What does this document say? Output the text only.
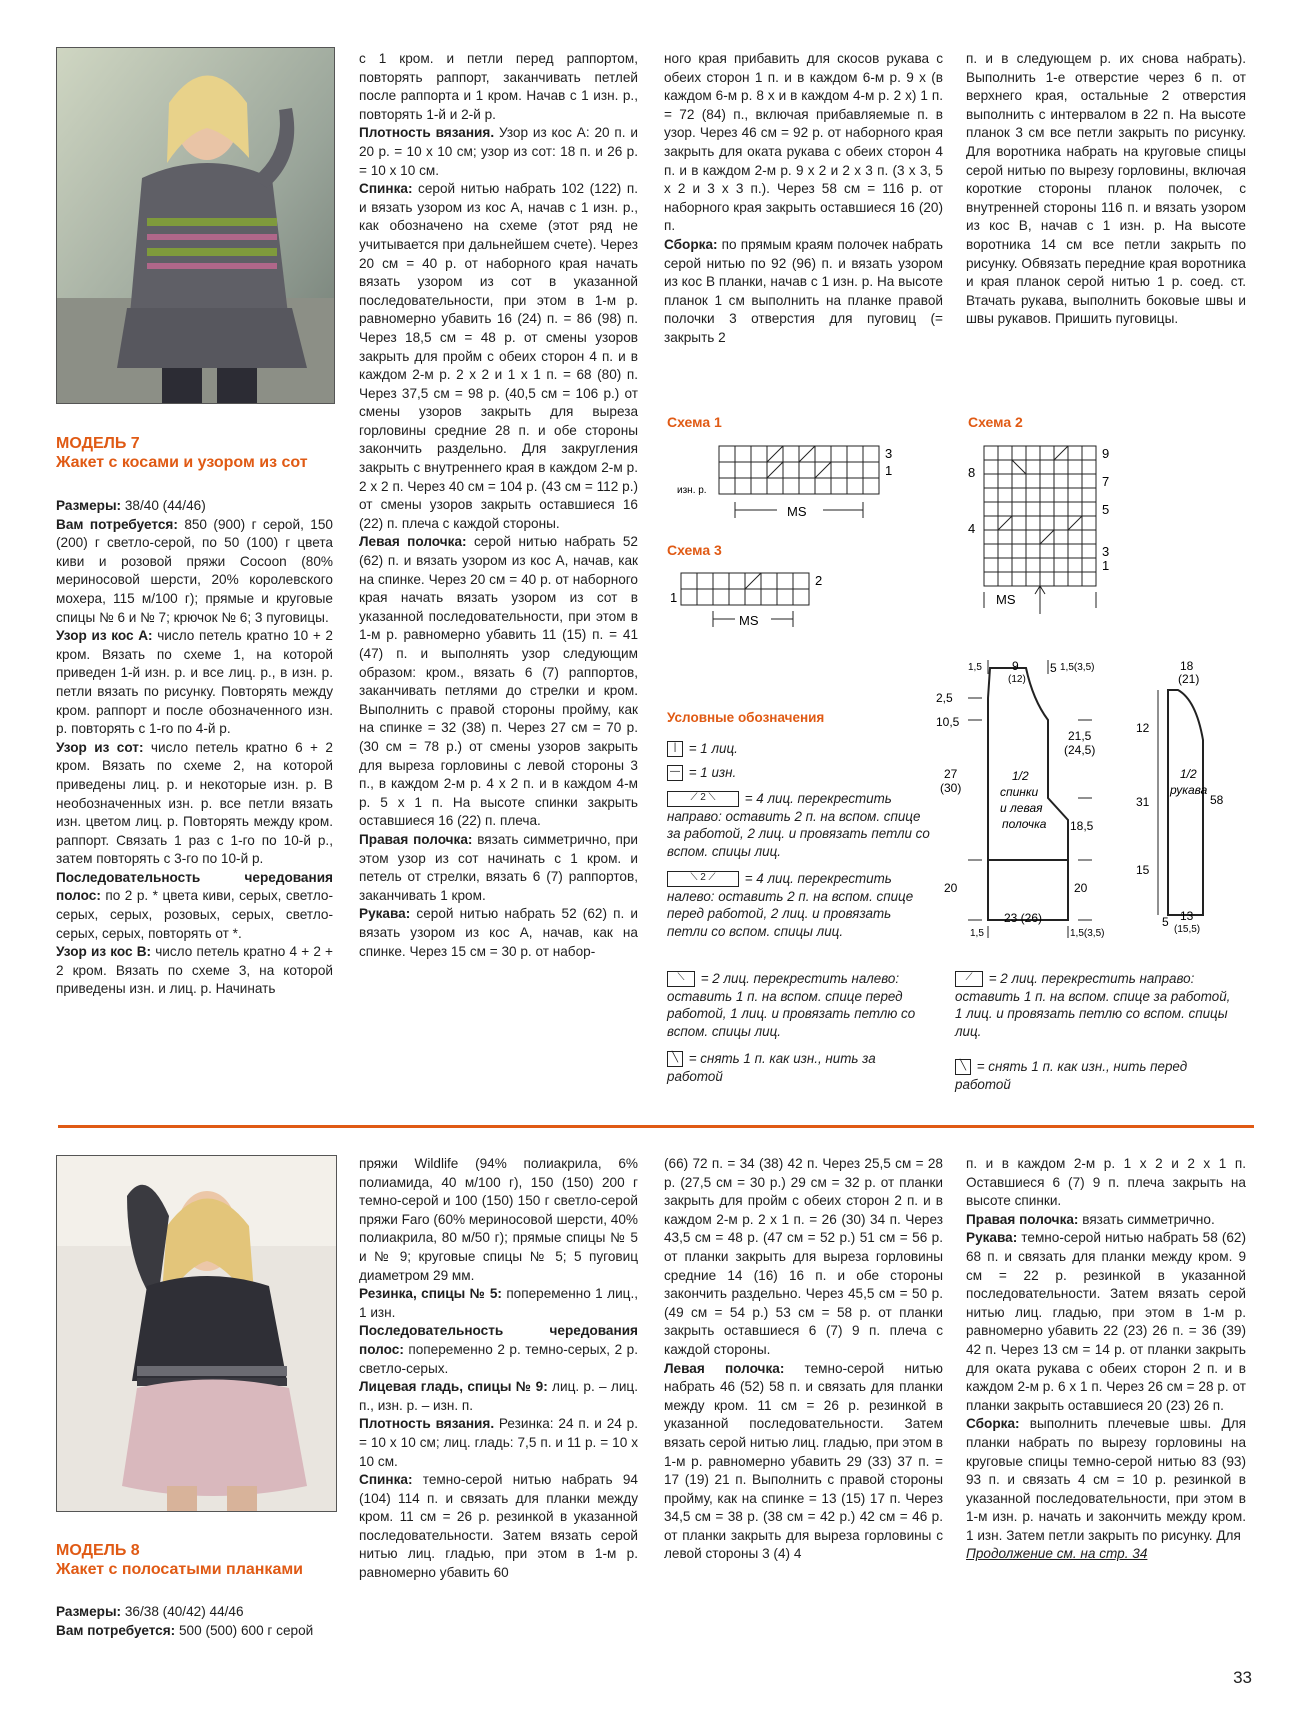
МОДЕЛЬ 7
Жакет с косами и узором из сот

Размеры: 38/40 (44/46)

Вам потребуется: 850 (900) г серой, 150 (200) г светло-серой, по 50 (100) г цвета киви и розовой пряжи Cocoon (80% мериносовой шерсти, 20% королевского мохера, 115 м/100 г); прямые и круговые спицы № 6 и № 7; крючок № 6; 3 пуговицы.

Узор из кос А: число петель кратно 10 + 2 кром. Вязать по схеме 1, на которой приведен 1-й изн. р. и все лиц. р., в изн. р. петли вязать по рисунку. Повторять между кром. раппорт и после обозначенного изн. р. повторять с 1-го по 4-й р.

Узор из сот: число петель кратно 6 + 2 кром. Вязать по схеме 2, на которой приведены лиц. р. и некоторые изн. р. В необозначенных изн. р. все петли вязать изн. цветом лиц. р. Повторять между кром. раппорт. Связать 1 раз с 1-го по 10-й р., затем повторять с 3-го по 10-й р.

Последовательность чередования полос: по 2 р. * цвета киви, серых, светло-серых, серых, розовых, серых, светло-серых, серых, повторять от *.

Узор из кос В: число петель кратно 4 + 2 + 2 кром. Вязать по схеме 3, на которой приведены изн. и лиц. р. Начинать

с 1 кром. и петли перед раппортом, повторять раппорт, заканчивать петлей после раппорта и 1 кром. Начав с 1 изн. р., повторять 1-й и 2-й р.

Плотность вязания. Узор из кос А: 20 п. и 20 р. = 10 х 10 см; узор из сот: 18 п. и 26 р. = 10 х 10 см.

Спинка: серой нитью набрать 102 (122) п. и вязать узором из кос А, начав с 1 изн. р., как обозначено на схеме (этот ряд не учитывается при дальнейшем счете). Через 20 см = 40 р. от наборного края начать вязать узором из сот в указанной последовательности, при этом в 1-м р. равномерно убавить 16 (24) п. = 86 (98) п. Через 18,5 см = 48 р. от смены узоров закрыть для пройм с обеих сторон 4 п. и в каждом 2-м р. 2 х 2 и 1 х 1 п. = 68 (80) п. Через 37,5 см = 98 р. (40,5 см = 106 р.) от смены узоров закрыть для выреза горловины средние 28 п. и обе стороны закончить раздельно. Для закругления закрыть с внутреннего края в каждом 2-м р. 2 х 2 п. Через 40 см = 104 р. (43 см = 112 р.) от смены узоров закрыть оставшиеся 16 (22) п. плеча с каждой стороны.

Левая полочка: серой нитью набрать 52 (62) п. и вязать узором из кос А, начав, как на спинке. Через 20 см = 40 р. от наборного края начать вязать узором из сот в указанной последовательности, при этом в 1-м р. равномерно убавить 11 (15) п. = 41 (47) п. и выполнять узор следующим образом: кром., вязать 6 (7) раппортов, заканчивать петлями до стрелки и кром. Выполнить с правой стороны пройму, как на спинке = 32 (38) п. Через 27 см = 70 р. (30 см = 78 р.) от смены узоров закрыть для выреза горловины с левой стороны 3 п., в каждом 2-м р. 4 х 2 п. и в каждом 4-м р. 5 х 1 п. На высоте спинки закрыть оставшиеся 16 (22) п. плеча.

Правая полочка: вязать симметрично, при этом узор из сот начинать с 1 кром. и петель от стрелки, вязать 6 (7) раппортов, заканчивать 1 кром.

Рукава: серой нитью набрать 52 (62) п. и вязать узором из кос А, начав, как на спинке. Через 15 см = 30 р. от набор-

ного края прибавить для скосов рукава с обеих сторон 1 п. и в каждом 6-м р. 9 х (в каждом 6-м р. 8 х и в каждом 4-м р. 2 х) 1 п. = 72 (84) п., включая прибавляемые п. в узор. Через 46 см = 92 р. от наборного края закрыть для оката рукава с обеих сторон 4 п. и в каждом 2-м р. 9 х 2 и 2 х 3 п. (3 х 3, 5 х 2 и 3 х 3 п.). Через 58 см = 116 р. от наборного края закрыть оставшиеся 16 (20) п.

Сборка: по прямым краям полочек набрать серой нитью по 92 (96) п. и вязать узором из кос В планки, начав с 1 изн. р. На высоте планок 1 см выполнить на планке правой полочки 3 отверстия для пуговиц (= закрыть 2

п. и в следующем р. их снова набрать). Выполнить 1-е отверстие через 6 п. от верхнего края, остальные 2 отверстия выполнить с интервалом в 22 п. На высоте планок 3 см все петли закрыть по рисунку. Для воротника набрать на круговые спицы серой нитью по вырезу горловины, включая короткие стороны планок полочек, с внутренней стороны 116 п. и вязать узором из кос В, начав с 1 изн. р. На высоте воротника 14 см все петли закрыть по рисунку. Обвязать передние края воротника и края планок серой нитью 1 р. соед. ст. Втачать рукава, выполнить боковые швы и швы рукавов. Пришить пуговицы.

Схема 1
3
1
изн. р.
MS
Схема 3
2
1
MS
Схема 2
9
7
5
3
1
8
4
MS
Условные обозначения
| = 1 лиц.
— = 1 изн.
⟋ 2 ⟍ = 4 лиц. перекрестить направо: оставить 2 п. на вспом. спице за работой, 2 лиц. и провязать петли со вспом. спицы лиц.
⟍ 2 ⟋ = 4 лиц. перекрестить налево: оставить 2 п. на вспом. спице перед работой, 2 лиц. и провязать петли со вспом. спицы лиц.
⟍ = 2 лиц. перекрестить налево: оставить 1 п. на вспом. спице перед работой, 1 лиц. и провязать петлю со вспом. спицы лиц.
╲ = снять 1 п. как изн., нить за работой
⟋ = 2 лиц. перекрестить направо: оставить 1 п. на вспом. спице за работой, 1 лиц. и провязать петлю со вспом. спицы лиц.
╲ = снять 1 п. как изн., нить перед работой
1,5	9
(12)
5 1,5(3,5)
2,5
10,5
27
(30)
20
21,5
(24,5)
18,5
20
1/2
спинки
и левая
полочка
1,5
23 (26)
1,5(3,5)
18
(21)
12
31
15
58
1/2
рукава
5 13
(15,5)
МОДЕЛЬ 8
Жакет с полосатыми планками

Размеры: 36/38 (40/42) 44/46

Вам потребуется: 500 (500) 600 г серой

пряжи Wildlife (94% полиакрила, 6% полиамида, 40 м/100 г), 150 (150) 200 г темно-серой и 100 (150) 150 г светло-серой пряжи Faro (60% мериносовой шерсти, 40% полиакрила, 80 м/50 г); прямые спицы № 5 и № 9; круговые спицы № 5; 5 пуговиц диаметром 29 мм.

Резинка, спицы № 5: попеременно 1 лиц., 1 изн.

Последовательность чередования полос: попеременно 2 р. темно-серых, 2 р. светло-серых.

Лицевая гладь, спицы № 9: лиц. р. – лиц. п., изн. р. – изн. п.

Плотность вязания. Резинка: 24 п. и 24 р. = 10 х 10 см; лиц. гладь: 7,5 п. и 11 р. = 10 х 10 см.

Спинка: темно-серой нитью набрать 94 (104) 114 п. и связать для планки между кром. 11 см = 26 р. резинкой в указанной последовательности. Затем вязать серой нитью лиц. гладью, при этом в 1-м р. равномерно убавить 60

(66) 72 п. = 34 (38) 42 п. Через 25,5 см = 28 р. (27,5 см = 30 р.) 29 см = 32 р. от планки закрыть для пройм с обеих сторон 2 п. и в каждом 2-м р. 2 х 1 п. = 26 (30) 34 п. Через 43,5 см = 48 р. (47 см = 52 р.) 51 см = 56 р. от планки закрыть для выреза горловины средние 14 (16) 16 п. и обе стороны закончить раздельно. Через 45,5 см = 50 р. (49 см = 54 р.) 53 см = 58 р. от планки закрыть оставшиеся 6 (7) 9 п. плеча с каждой стороны.

Левая полочка: темно-серой нитью набрать 46 (52) 58 п. и связать для планки между кром. 11 см = 26 р. резинкой в указанной последовательности. Затем вязать серой нитью лиц. гладью, при этом в 1-м р. равномерно убавить 29 (33) 37 п. = 17 (19) 21 п. Выполнить с правой стороны пройму, как на спинке = 13 (15) 17 п. Через 34,5 см = 38 р. (38 см = 42 р.) 42 см = 46 р. от планки закрыть для выреза горловины с левой стороны 3 (4) 4

п. и в каждом 2-м р. 1 х 2 и 2 х 1 п. Оставшиеся 6 (7) 9 п. плеча закрыть на высоте спинки.

Правая полочка: вязать симметрично.

Рукава: темно-серой нитью набрать 58 (62) 68 п. и связать для планки между кром. 9 см = 22 р. резинкой в указанной последовательности. Затем вязать серой нитью лиц. гладью, при этом в 1-м р. равномерно убавить 22 (23) 26 п. = 36 (39) 42 п. Через 13 см = 14 р. от планки закрыть для оката рукава с обеих сторон 2 п. и в каждом 2-м р. 6 х 1 п. Через 26 см = 28 р. от планки закрыть оставшиеся 20 (23) 26 п.

Сборка: выполнить плечевые швы. Для планки набрать по вырезу горловины на круговые спицы темно-серой нитью 83 (93) 93 п. и связать 4 см = 10 р. резинкой в указанной последовательности, при этом в 1-м изн. р. начать и закончить между кром. 1 изн. Затем петли закрыть по рисунку. Для

Продолжение см. на стр. 34

33
